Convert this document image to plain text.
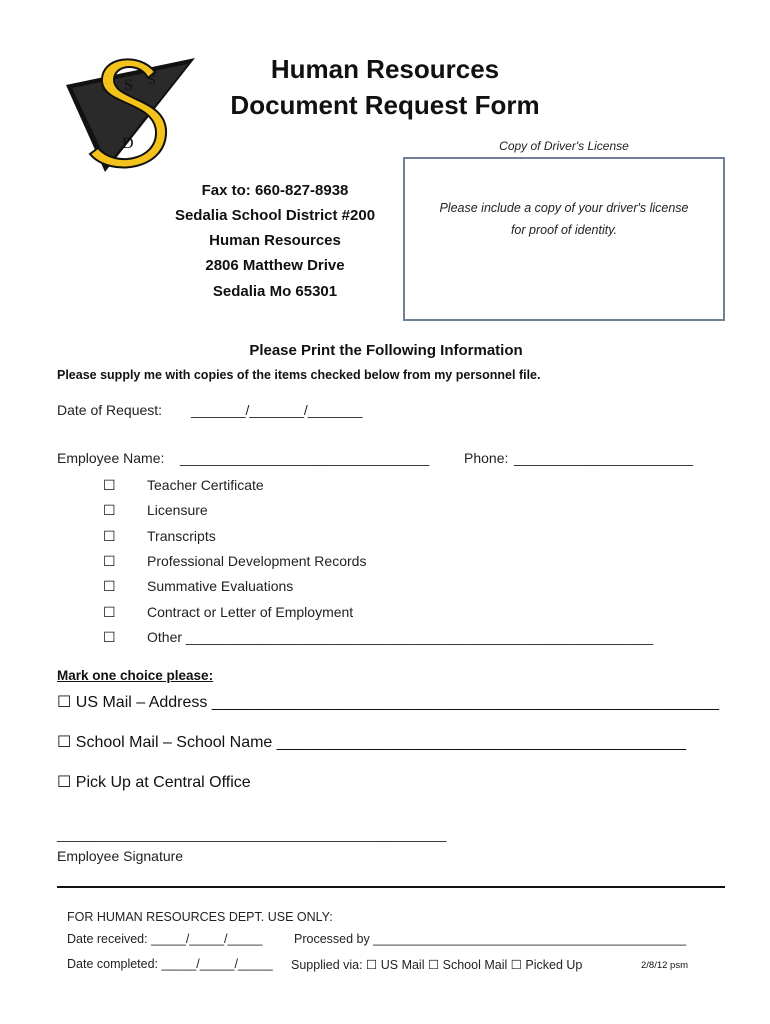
S S
D
Human Resources
Document Request Form
Copy of Driver's License
Please include a copy of your driver's license
for proof of identity.
Fax to: 660-827-8938
Sedalia School District #200
Human Resources
2806 Matthew Drive
Sedalia Mo 65301
Please Print the Following Information
Please supply me with copies of the items checked below from my personnel file.
Date of Request: _______/_______/_______
Employee Name: ________________________________ Phone: _______________________
☐ Teacher Certificate
☐ Licensure
☐ Transcripts
☐ Professional Development Records
☐ Summative Evaluations
☐ Contract or Letter of Employment
☐ Other ____________________________________________________________
Mark one choice please:
☐ US Mail – Address _________________________________________________________
☐ School Mail – School Name ______________________________________________
☐ Pick Up at Central Office
__________________________________________________
Employee Signature
FOR HUMAN RESOURCES DEPT. USE ONLY:
Date received: _____/_____/_____	Processed by _____________________________________________
Date completed: _____/_____/_____ Supplied via: ☐ US Mail ☐ School Mail ☐ Picked Up	2/8/12 psm
